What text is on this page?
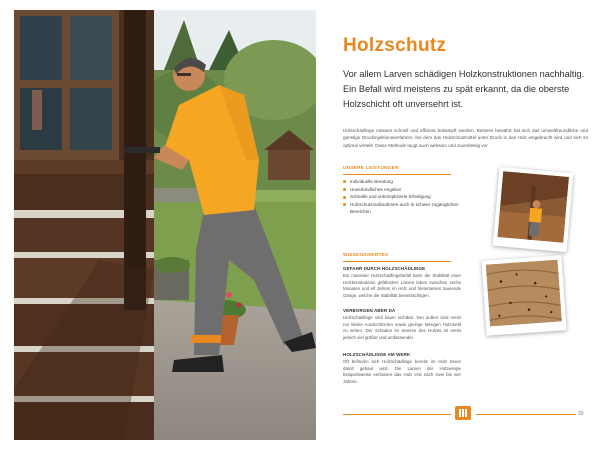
Holzschutz

Vor allem Larven schädigen Holzkonstruktionen nachhaltig. Ein Befall wird meistens zu spät erkannt, da die oberste Holzschicht oft unversehrt ist.

Holzschädlinge müssen schnell und effizient bekämpft werden. Bestens bewährt hat sich das umweltfreundliche und günstige Druckinjektionsverfahren, bei dem das Holzschutzmittel unter Druck in das Holz eingebracht wird und sich so optimal verteilt. Diese Methode taugt auch wirksam und zuverlässig vor.

UNSERE LEISTUNGEN
Individuelle Beratung
Unverbindliches Angebot
Schnelle und unkomplizierte Erledigung
Holzschutzmaßnahmen auch in schwer zugänglichen Bereichen
WISSENSWERTES
GEFAHR DURCH HOLZSCHÄDLINGE
Ein massiver Holzschädlingsbefall kann die Stabilität einer Holzkonstruktion gefährden! Larven leben zwischen sechs Monaten und elf Jahren im Holz und hinterlassen tausende Gänge, welche die Stabilität beeinträchtigen.
VERBORGEN ABER DA
Holzschädlinge sind kaum sichtbar. Von außen sind meist nur kleine Ausstichlöcher sowie geringe Mengen Holzmehl zu sehen. Der Schaden im Inneren des Holzes ist meist jedoch viel größer und umfassender.
HOLZSCHÄDLINGE AM WERK
Oft befinden sich Holzschädlinge bereits im Holz bevor damit gebaut wird. Die Larven der Holzwespe beispielsweise verlassen das Holz erst nach zwei bis vier Jahren.
33
